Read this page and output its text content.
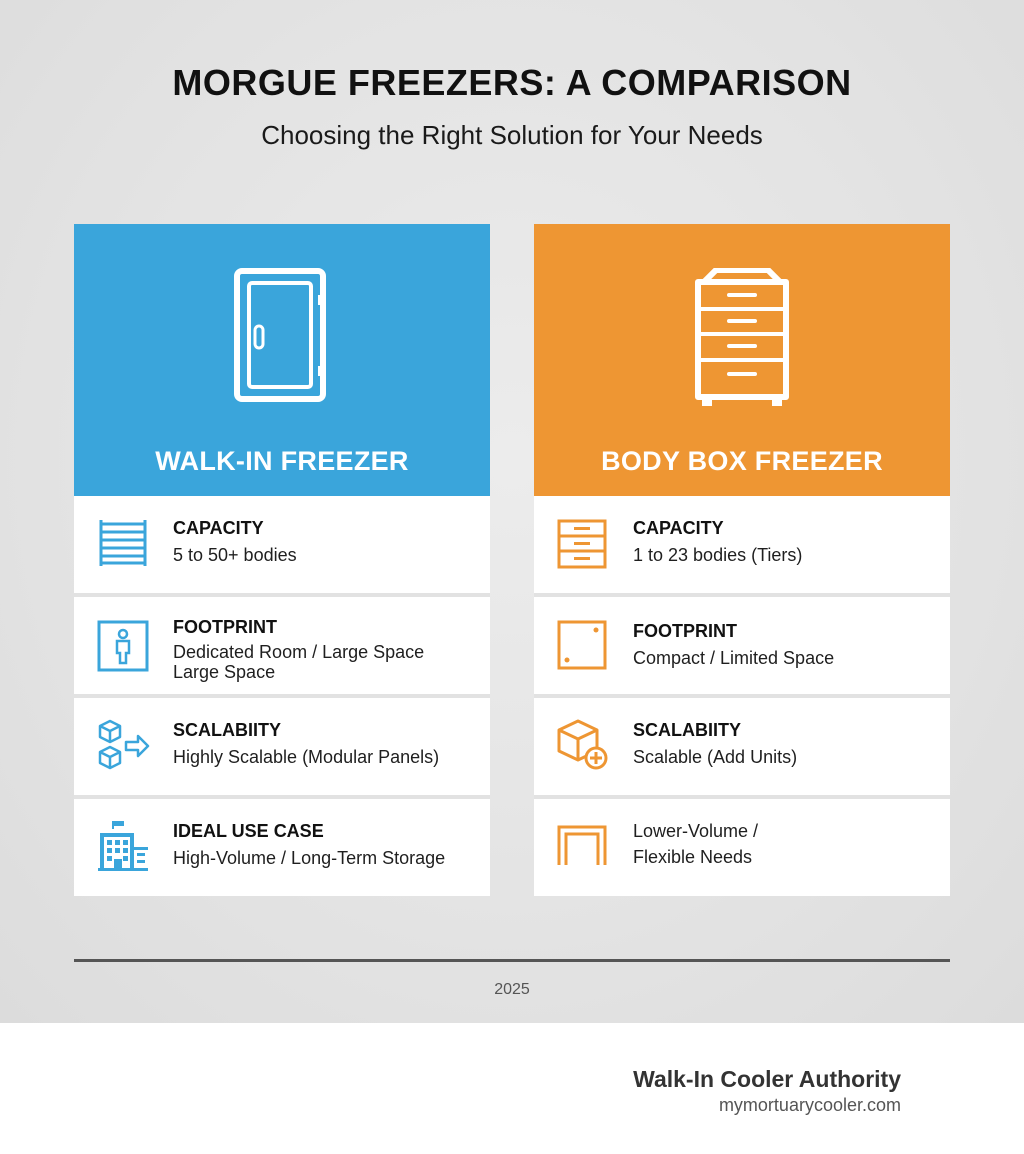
MORGUE FREEZERS: A COMPARISON
Choosing the Right Solution for Your Needs
WALK-IN FREEZER
CAPACITY
5 to 50+ bodies
FOOTPRINT
Dedicated Room / Large Space
Large Space
SCALABIITY
Highly Scalable (Modular Panels)
IDEAL USE CASE
High-Volume / Long-Term Storage
BODY BOX FREEZER
CAPACITY
1 to 23 bodies (Tiers)
FOOTPRINT
Compact / Limited Space
SCALABIITY
Scalable (Add Units)
Lower-Volume /
Flexible Needs
2025
Walk-In Cooler Authority
mymortuarycooler.com
